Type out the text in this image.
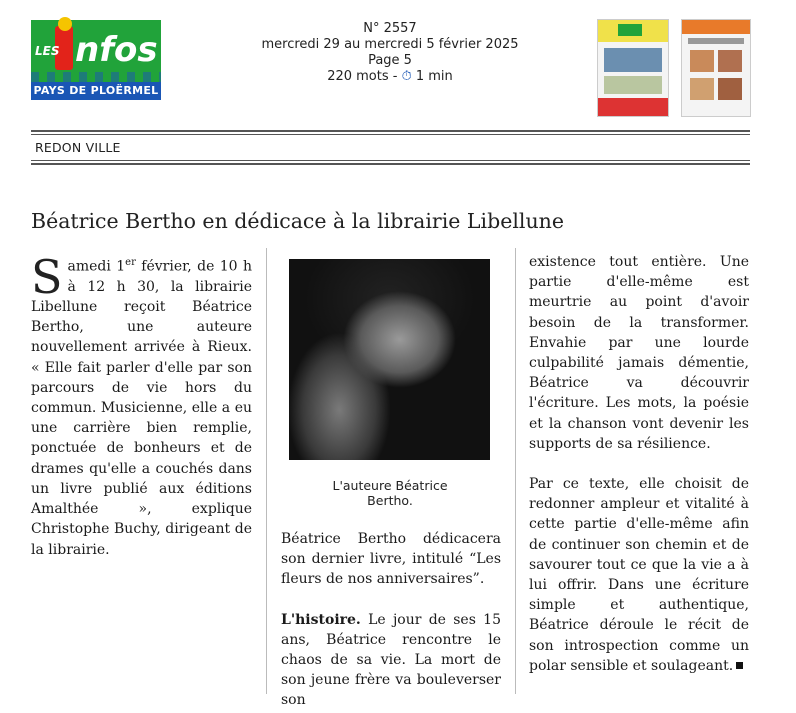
LES nfos
PAYS DE PLOËRMEL
N° 2557
mercredi 29 au mercredi 5 février 2025
Page 5
220 mots - ⏱ 1 min
REDON VILLE
Béatrice Bertho en dédicace à la librairie Libellune

Samedi 1er février, de 10 h à 12 h 30, la librairie Libellune reçoit Béatrice Bertho, une auteure nouvellement arrivée à Rieux. « Elle fait parler d'elle par son parcours de vie hors du commun. Musicienne, elle a eu une carrière bien remplie, ponctuée de bonheurs et de drames qu'elle a couchés dans un livre publié aux éditions Amalthée », explique Christophe Buchy, dirigeant de la librairie.

L'auteure Béatrice Bertho.

Béatrice Bertho dédicacera son dernier livre, intitulé “Les fleurs de nos anniversaires”.

L'histoire. Le jour de ses 15 ans, Béatrice rencontre le chaos de sa vie. La mort de son jeune frère va bouleverser son

existence tout entière. Une partie d'elle-même est meurtrie au point d'avoir besoin de la transformer. Envahie par une lourde culpabilité jamais démentie, Béatrice va découvrir l'écriture. Les mots, la poésie et la chanson vont devenir les supports de sa résilience.

Par ce texte, elle choisit de redonner ampleur et vitalité à cette partie d'elle-même afin de continuer son chemin et de savourer tout ce que la vie a à lui offrir. Dans une écriture simple et authentique, Béatrice déroule le récit de son introspection comme un polar sensible et soulageant.
